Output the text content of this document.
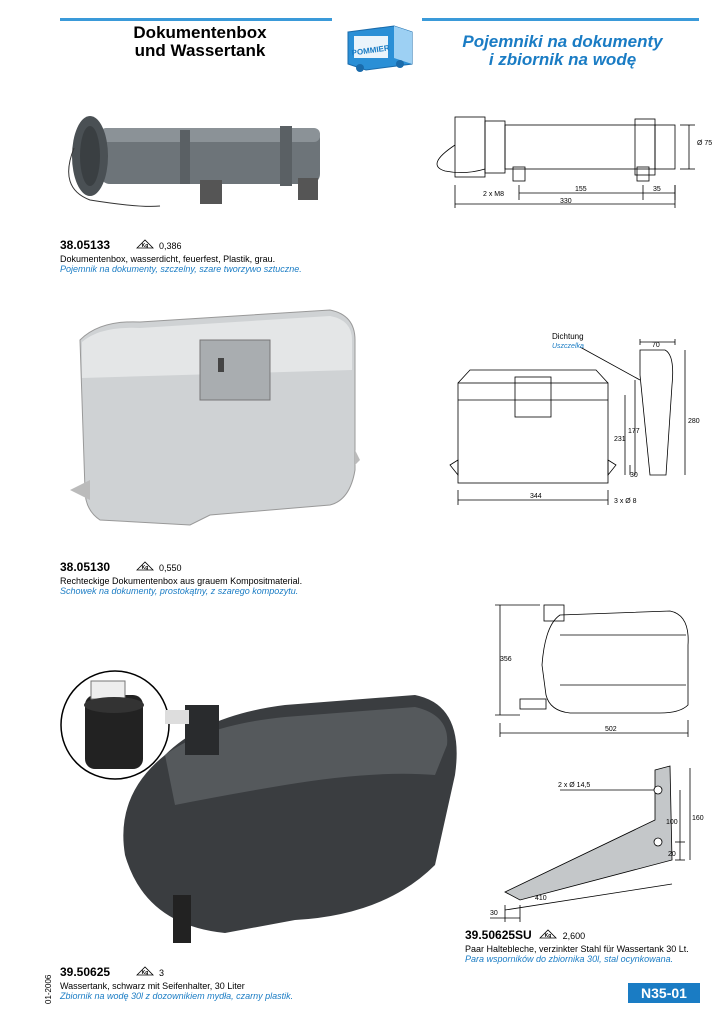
Dokumentenbox
und Wassertank	Pojemniki na dokumenty
i zbiornik na wodę
POMMIER
Ø 75
2 x M8
155	35
330
38.05133	Kg 0,386
Dokumentenbox, wasserdicht, feuerfest, Plastik, grau.
Pojemnik na dokumenty, szczelny, szare tworzywo sztuczne.
Dichtung
Uszczelka	70
177
231
280
30
344
3 x Ø 8
38.05130	Kg 0,550
Rechteckige Dokumentenbox aus grauem Kompositmaterial.
Schowek na dokumenty, prostokątny, z szarego kompozytu.
356
502
2 x Ø 14,5
160
100
20
410
30
39.50625SU	Kg 2,600
Paar Haltebleche, verzinkter Stahl für Wassertank 30 Lt.
Para wsporników do zbiornika 30l, stal ocynkowana.
39.50625	Kg 3
Wassertank, schwarz mit Seifenhalter, 30 Liter
Zbiornik na wodę 30l z dozownikiem mydła, czarny plastik.
01-2006	N35-01
